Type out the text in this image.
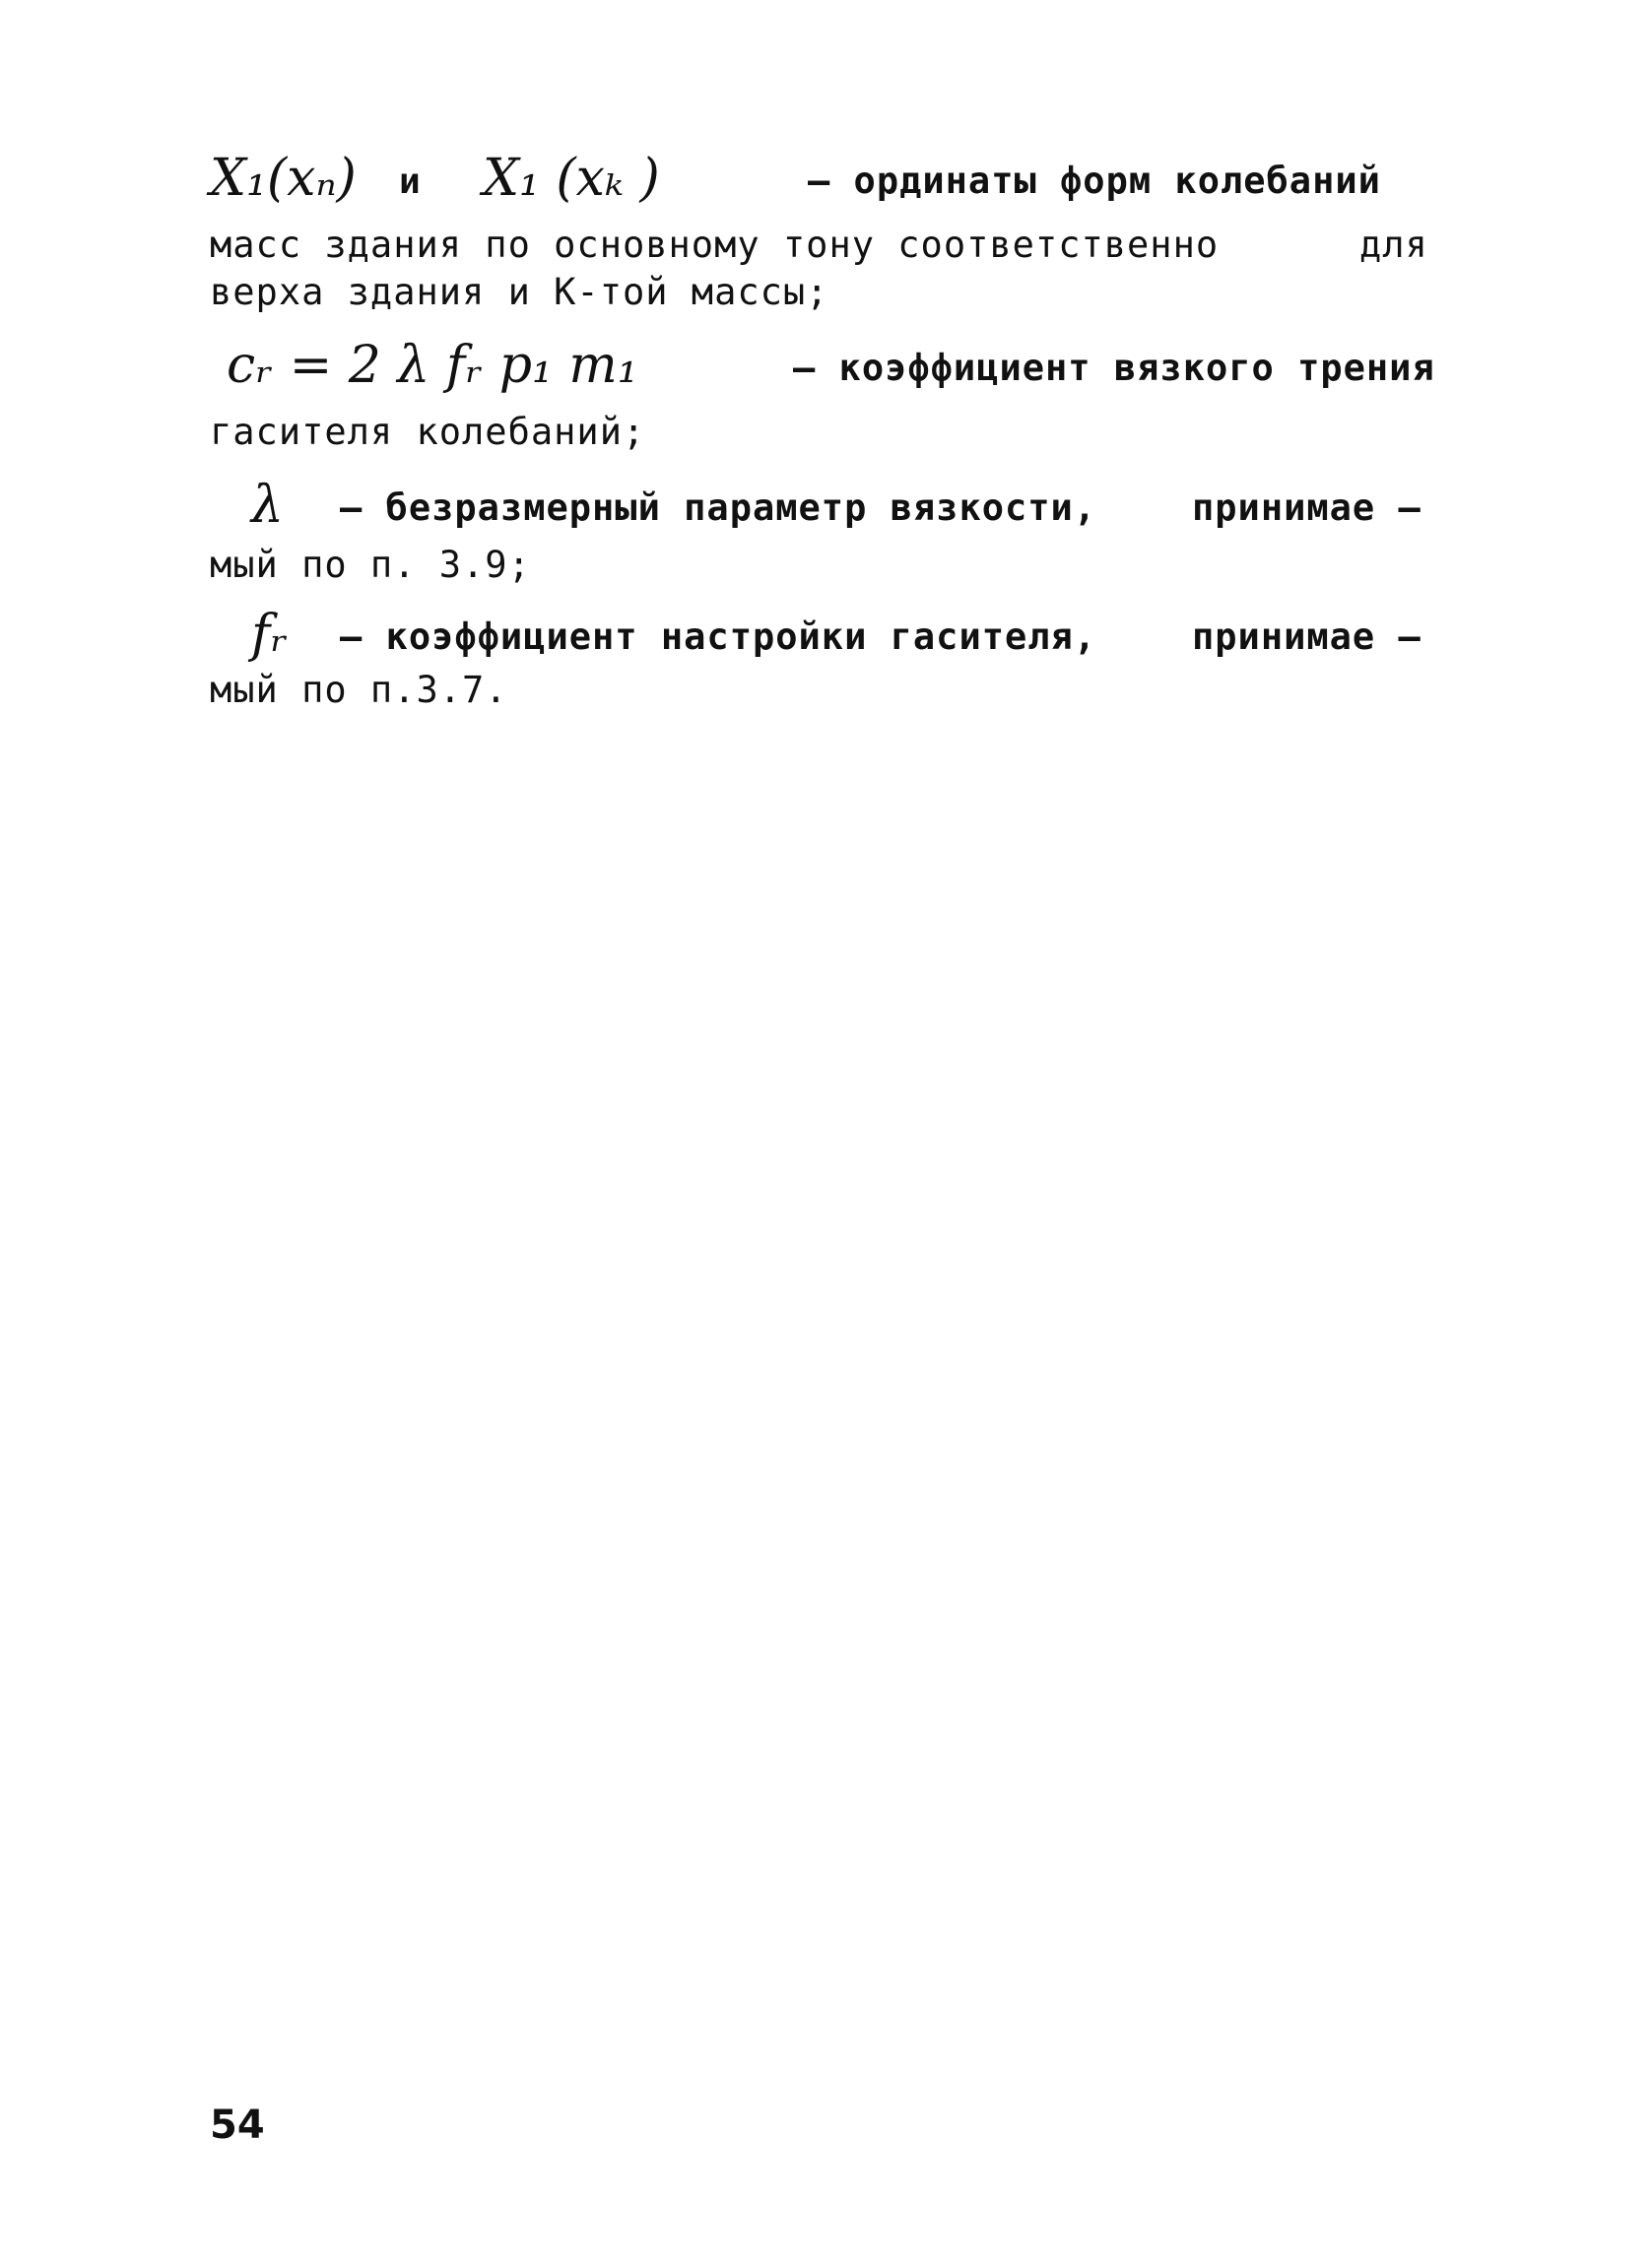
X₁(xₙ) и X₁ (xₖ )	– ординаты форм колебаний
масс здания по основному тону соответственно	для
верха здания и К-той массы;
cᵣ = 2 λ fᵣ p₁ m₁	– коэффициент вязкого трения
гасителя колебаний;
λ – безразмерный параметр вязкости,	принимае –
мый по п. 3.9;
fᵣ – коэффициент настройки гасителя,	принимае –
мый по п.3.7.
54
